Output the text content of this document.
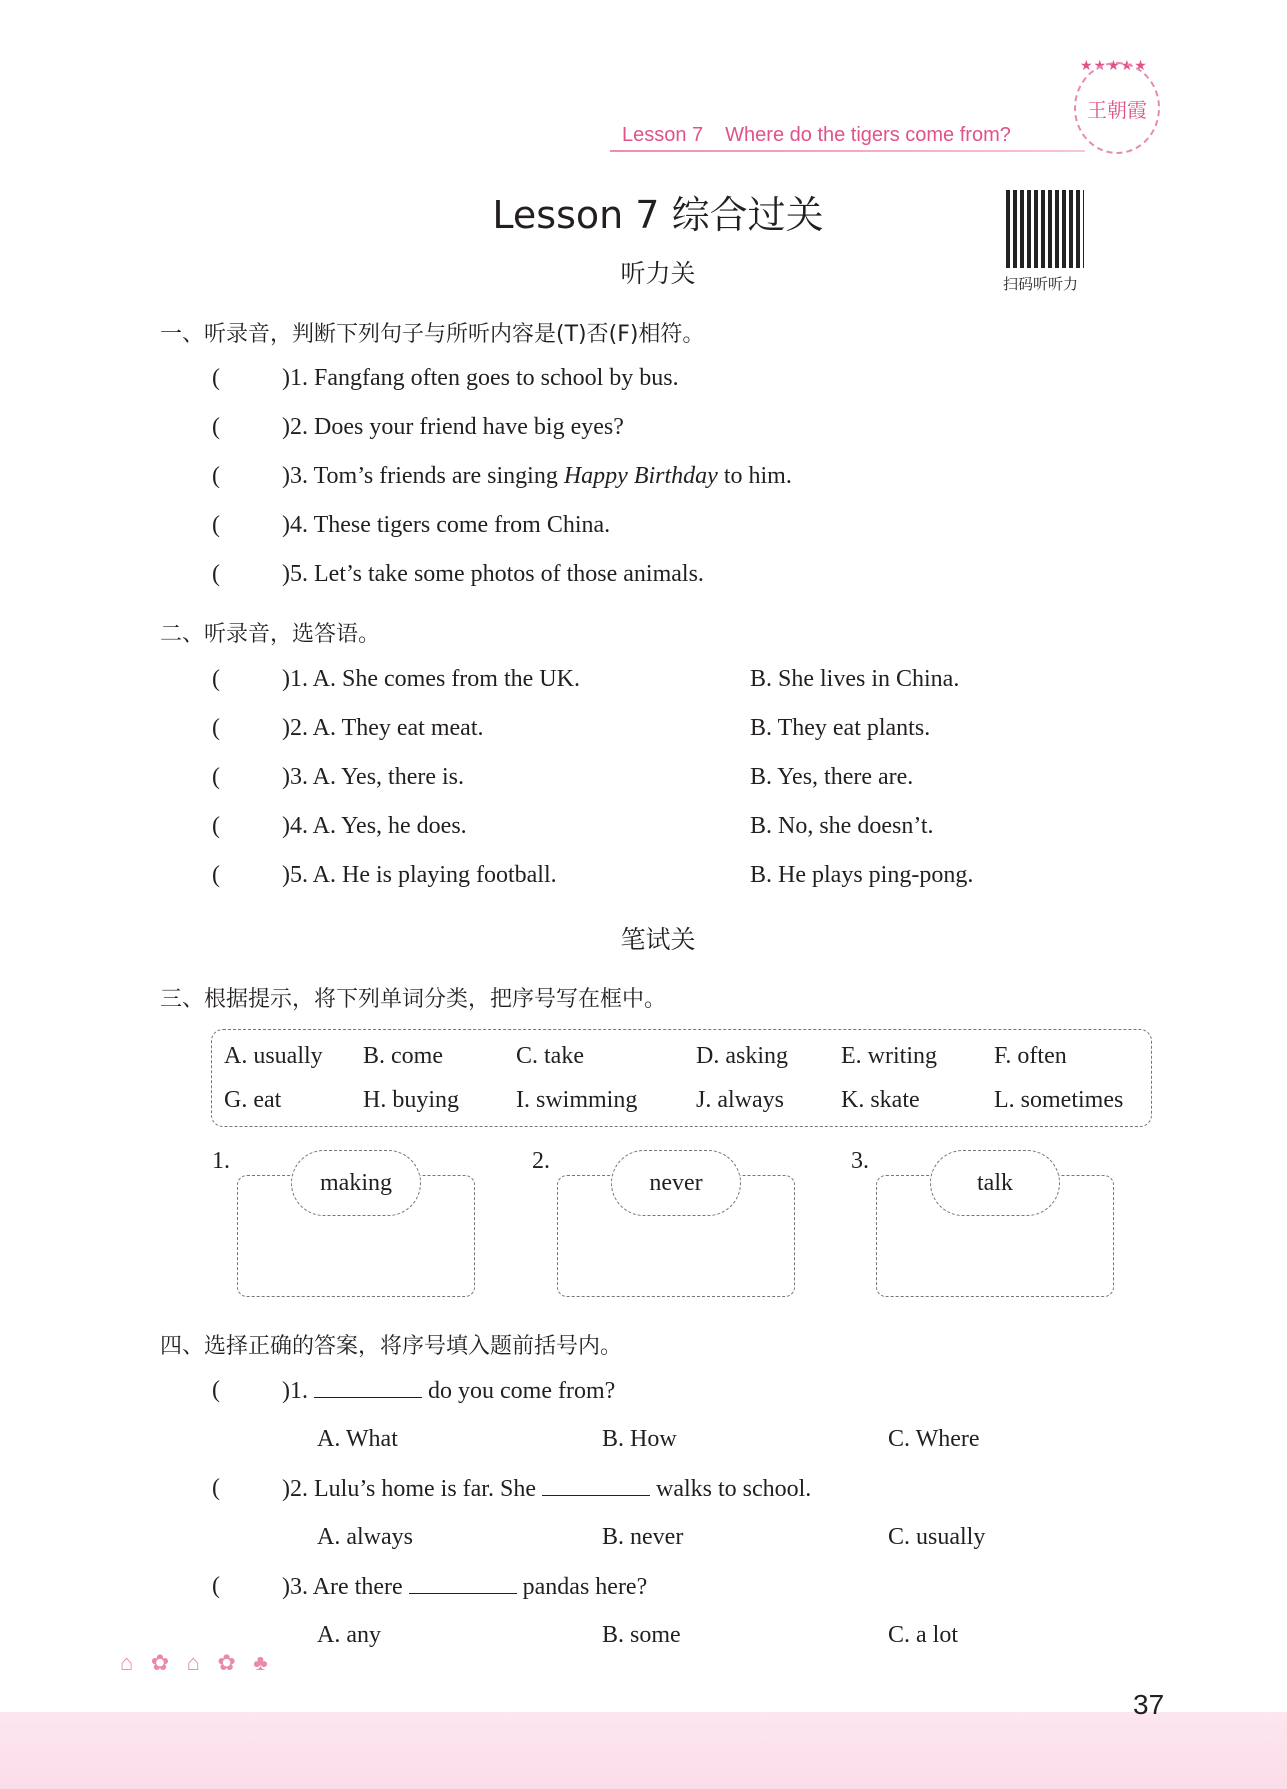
★★★★★
王朝霞
Lesson 7 Where do the tigers come from?
Lesson 7 综合过关
扫码听听力
听力关
一、听录音，判断下列句子与所听内容是(T)否(F)相符。
(	)1. Fangfang often goes to school by bus.
(	)2. Does your friend have big eyes?
(	)3. Tom’s friends are singing Happy Birthday to him.
(	)4. These tigers come from China.
(	)5. Let’s take some photos of those animals.
二、听录音，选答语。
(	)1. A. She comes from the UK.	B. She lives in China.
(	)2. A. They eat meat.	B. They eat plants.
(	)3. A. Yes, there is.	B. Yes, there are.
(	)4. A. Yes, he does.	B. No, she doesn’t.
(	)5. A. He is playing football.	B. He plays ping-pong.
笔试关
三、根据提示，将下列单词分类，把序号写在框中。
A. usually B. come	C. take	D. asking E. writing F. often
G. eat	H. buying I. swimming J. always K. skate	L. sometimes
1.
making
2.
never
3.
talk
四、选择正确的答案，将序号填入题前括号内。
(	)1.	do you come from?
A. What	B. How	C. Where
(	)2. Lulu’s home is far. She	walks to school.
A. always	B. never	C. usually
(	)3. Are there	pandas here?
A. any	B. some	C. a lot
⌂ ✿ ⌂ ✿ ♣
37
